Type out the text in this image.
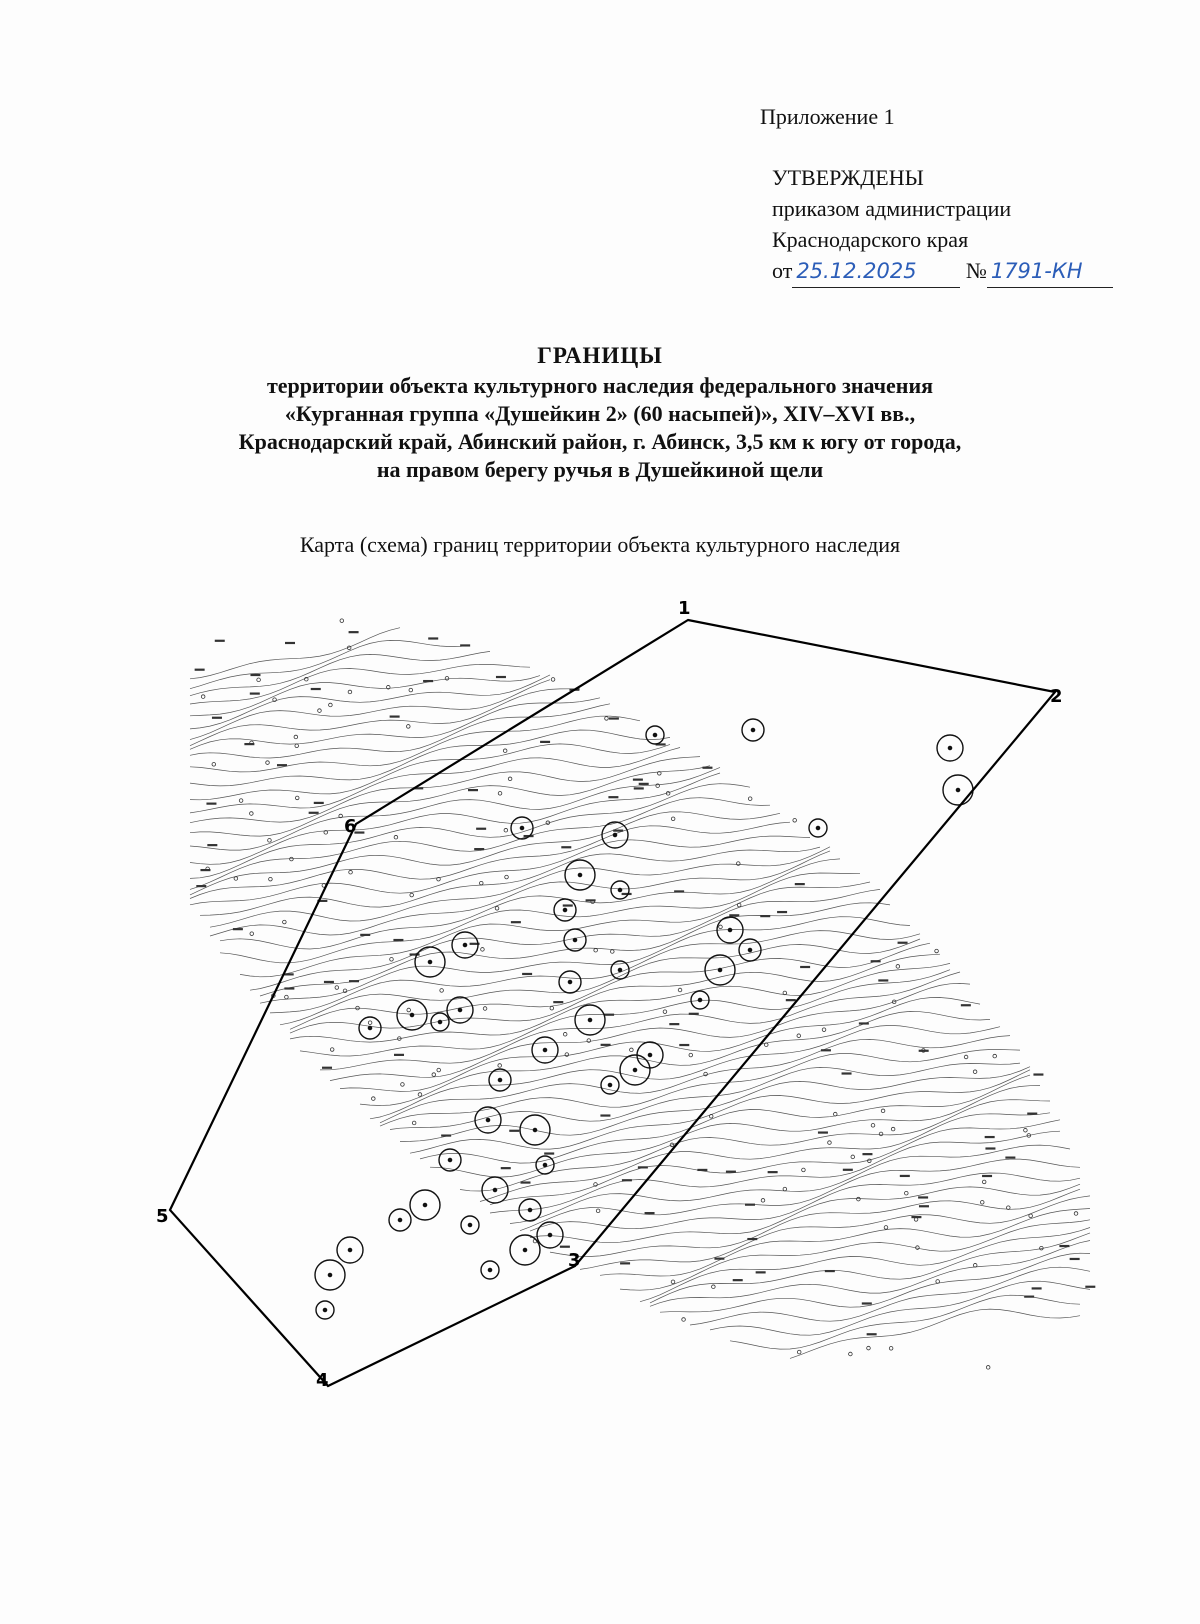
Приложение 1
УТВЕРЖДЕНЫ
приказом администрации
Краснодарского края
от 25.12.2025 № 1791-КН
ГРАНИЦЫ
территории объекта культурного наследия федерального значения
«Курганная группа «Душейкин 2» (60 насыпей)», XIV–XVI вв.,
Краснодарский край, Абинский район, г. Абинск, 3,5 км к югу от города,
на правом берегу ручья в Душейкиной щели
Карта (схема) границ территории объекта культурного наследия
1
2
3
4
5
6
